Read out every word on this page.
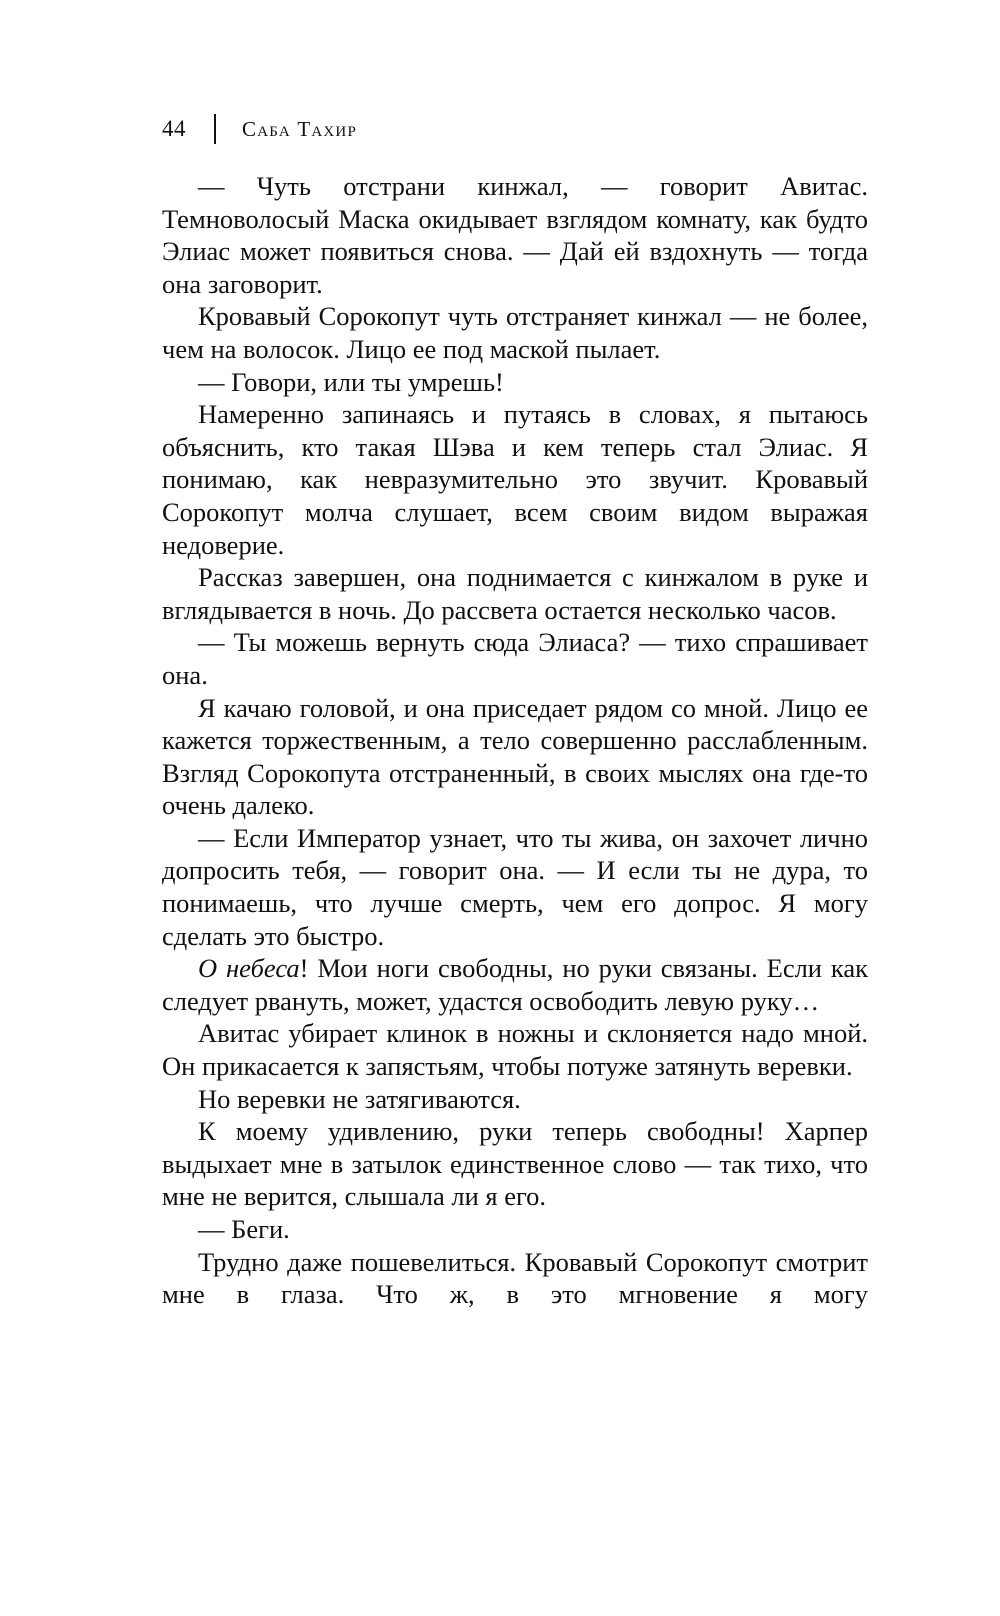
44	Саба Тахир

— Чуть отстрани кинжал, — говорит Авитас. Темноволосый Маска окидывает взглядом комнату, как будто Элиас может появиться снова. — Дай ей вздохнуть — тогда она заговорит.

Кровавый Сорокопут чуть отстраняет кинжал — не более, чем на волосок. Лицо ее под маской пылает.

— Говори, или ты умрешь!

Намеренно запинаясь и путаясь в словах, я пытаюсь объяснить, кто такая Шэва и кем теперь стал Элиас. Я понимаю, как невразумительно это звучит. Кровавый Сорокопут молча слушает, всем своим видом выражая недоверие.

Рассказ завершен, она поднимается с кинжалом в руке и вглядывается в ночь. До рассвета остается несколько часов.

— Ты можешь вернуть сюда Элиаса? — тихо спрашивает она.

Я качаю головой, и она приседает рядом со мной. Лицо ее кажется торжественным, а тело совершенно расслабленным. Взгляд Сорокопута отстраненный, в своих мыслях она где-то очень далеко.

— Если Император узнает, что ты жива, он захочет лично допросить тебя, — говорит она. — И если ты не дура, то понимаешь, что лучше смерть, чем его допрос. Я могу сделать это быстро.

О небеса! Мои ноги свободны, но руки связаны. Если как следует рвануть, может, удастся освободить левую руку…

Авитас убирает клинок в ножны и склоняется надо мной. Он прикасается к запястьям, чтобы потуже затянуть веревки.

Но веревки не затягиваются.

К моему удивлению, руки теперь свободны! Харпер выдыхает мне в затылок единственное слово — так тихо, что мне не верится, слышала ли я его.

— Беги.

Трудно даже пошевелиться. Кровавый Сорокопут смотрит мне в глаза. Что ж, в это мгновение я могу
